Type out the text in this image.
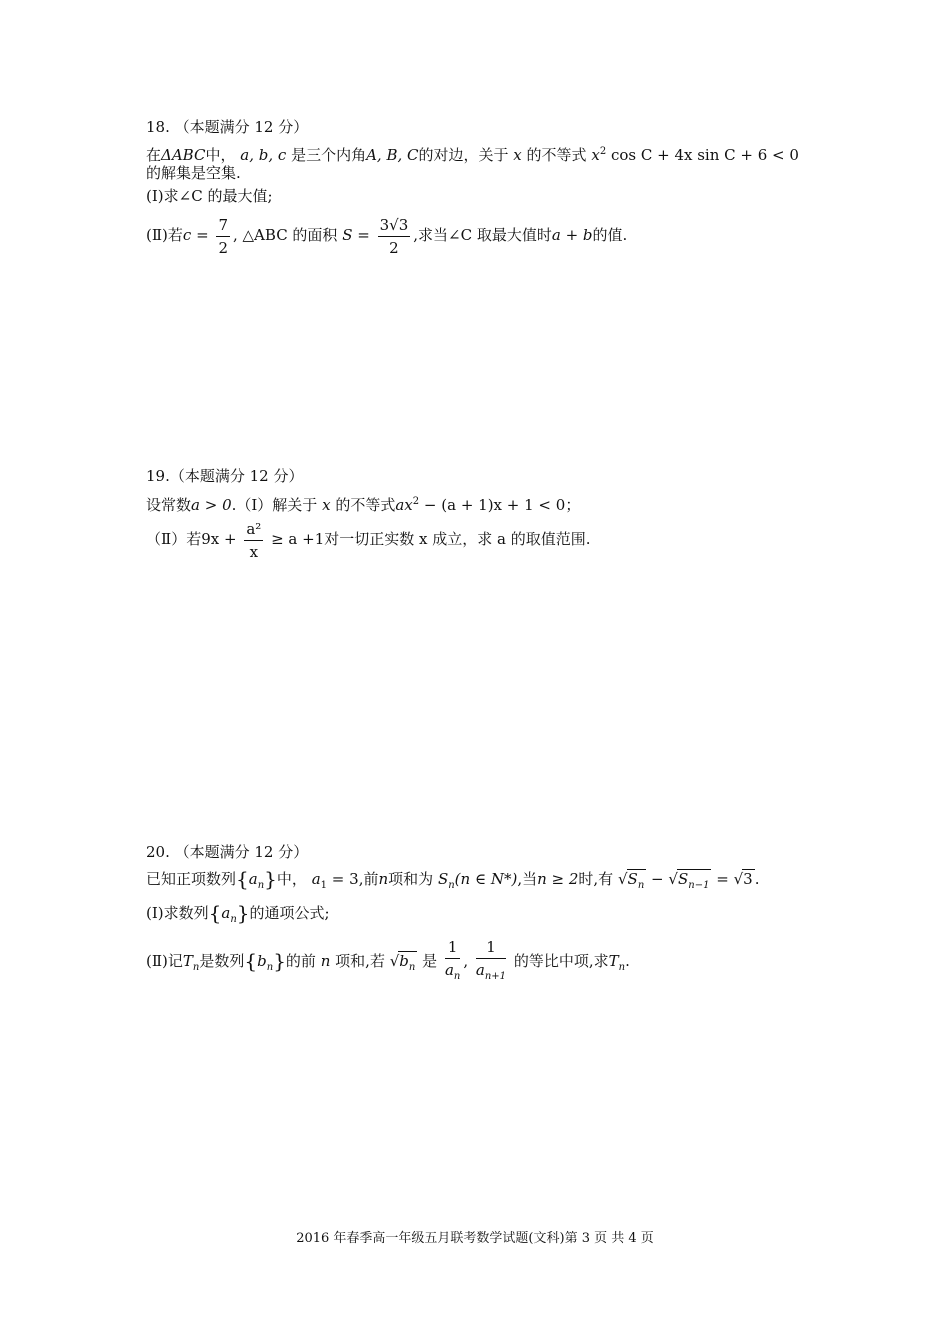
18. （本题满分 12 分）
在ΔABC中， a, b, c 是三个内角A, B, C的对边，关于 x 的不等式 $x^2$ cos C + 4x sin C + 6 < 0
的解集是空集.
(Ⅰ)求∠C 的最大值;
(Ⅱ)若$c = \frac{7}{2}$ , △ABC 的面积 $S = \frac{3√3}{2}$ ,求当∠C 取最大值时a + b的值.
19.（本题满分 12 分）
设常数a > 0.（Ⅰ）解关于 x 的不等式$ax^2 - (a + 1)x + 1 < 0$；
（Ⅱ）若$9x + \frac{\text{a²}}{x} \ge a +1$对一切正实数 x 成立，求 a 的取值范围.
20. （本题满分 12 分）
已知正项数列$\{a_n\}$中， $a_1 = 3$,前n项和为 $S_n(n$ ∈ N*),当n ≥ 2时,有 $√S_n - √S_{n-1} = √3$ .
(Ⅰ)求数列$\{a_n\}$的通项公式;
(Ⅱ)记$T_n$是数列$\{b_n\}$的前 n 项和,若 $√b_n$ 是 $\frac{1}{a_n}$ , $\frac{1}{a_{n+1}}$ 的等比中项,求$T_n$.
2016 年春季高一年级五月联考数学试题(文科)第 3 页 共 4 页
